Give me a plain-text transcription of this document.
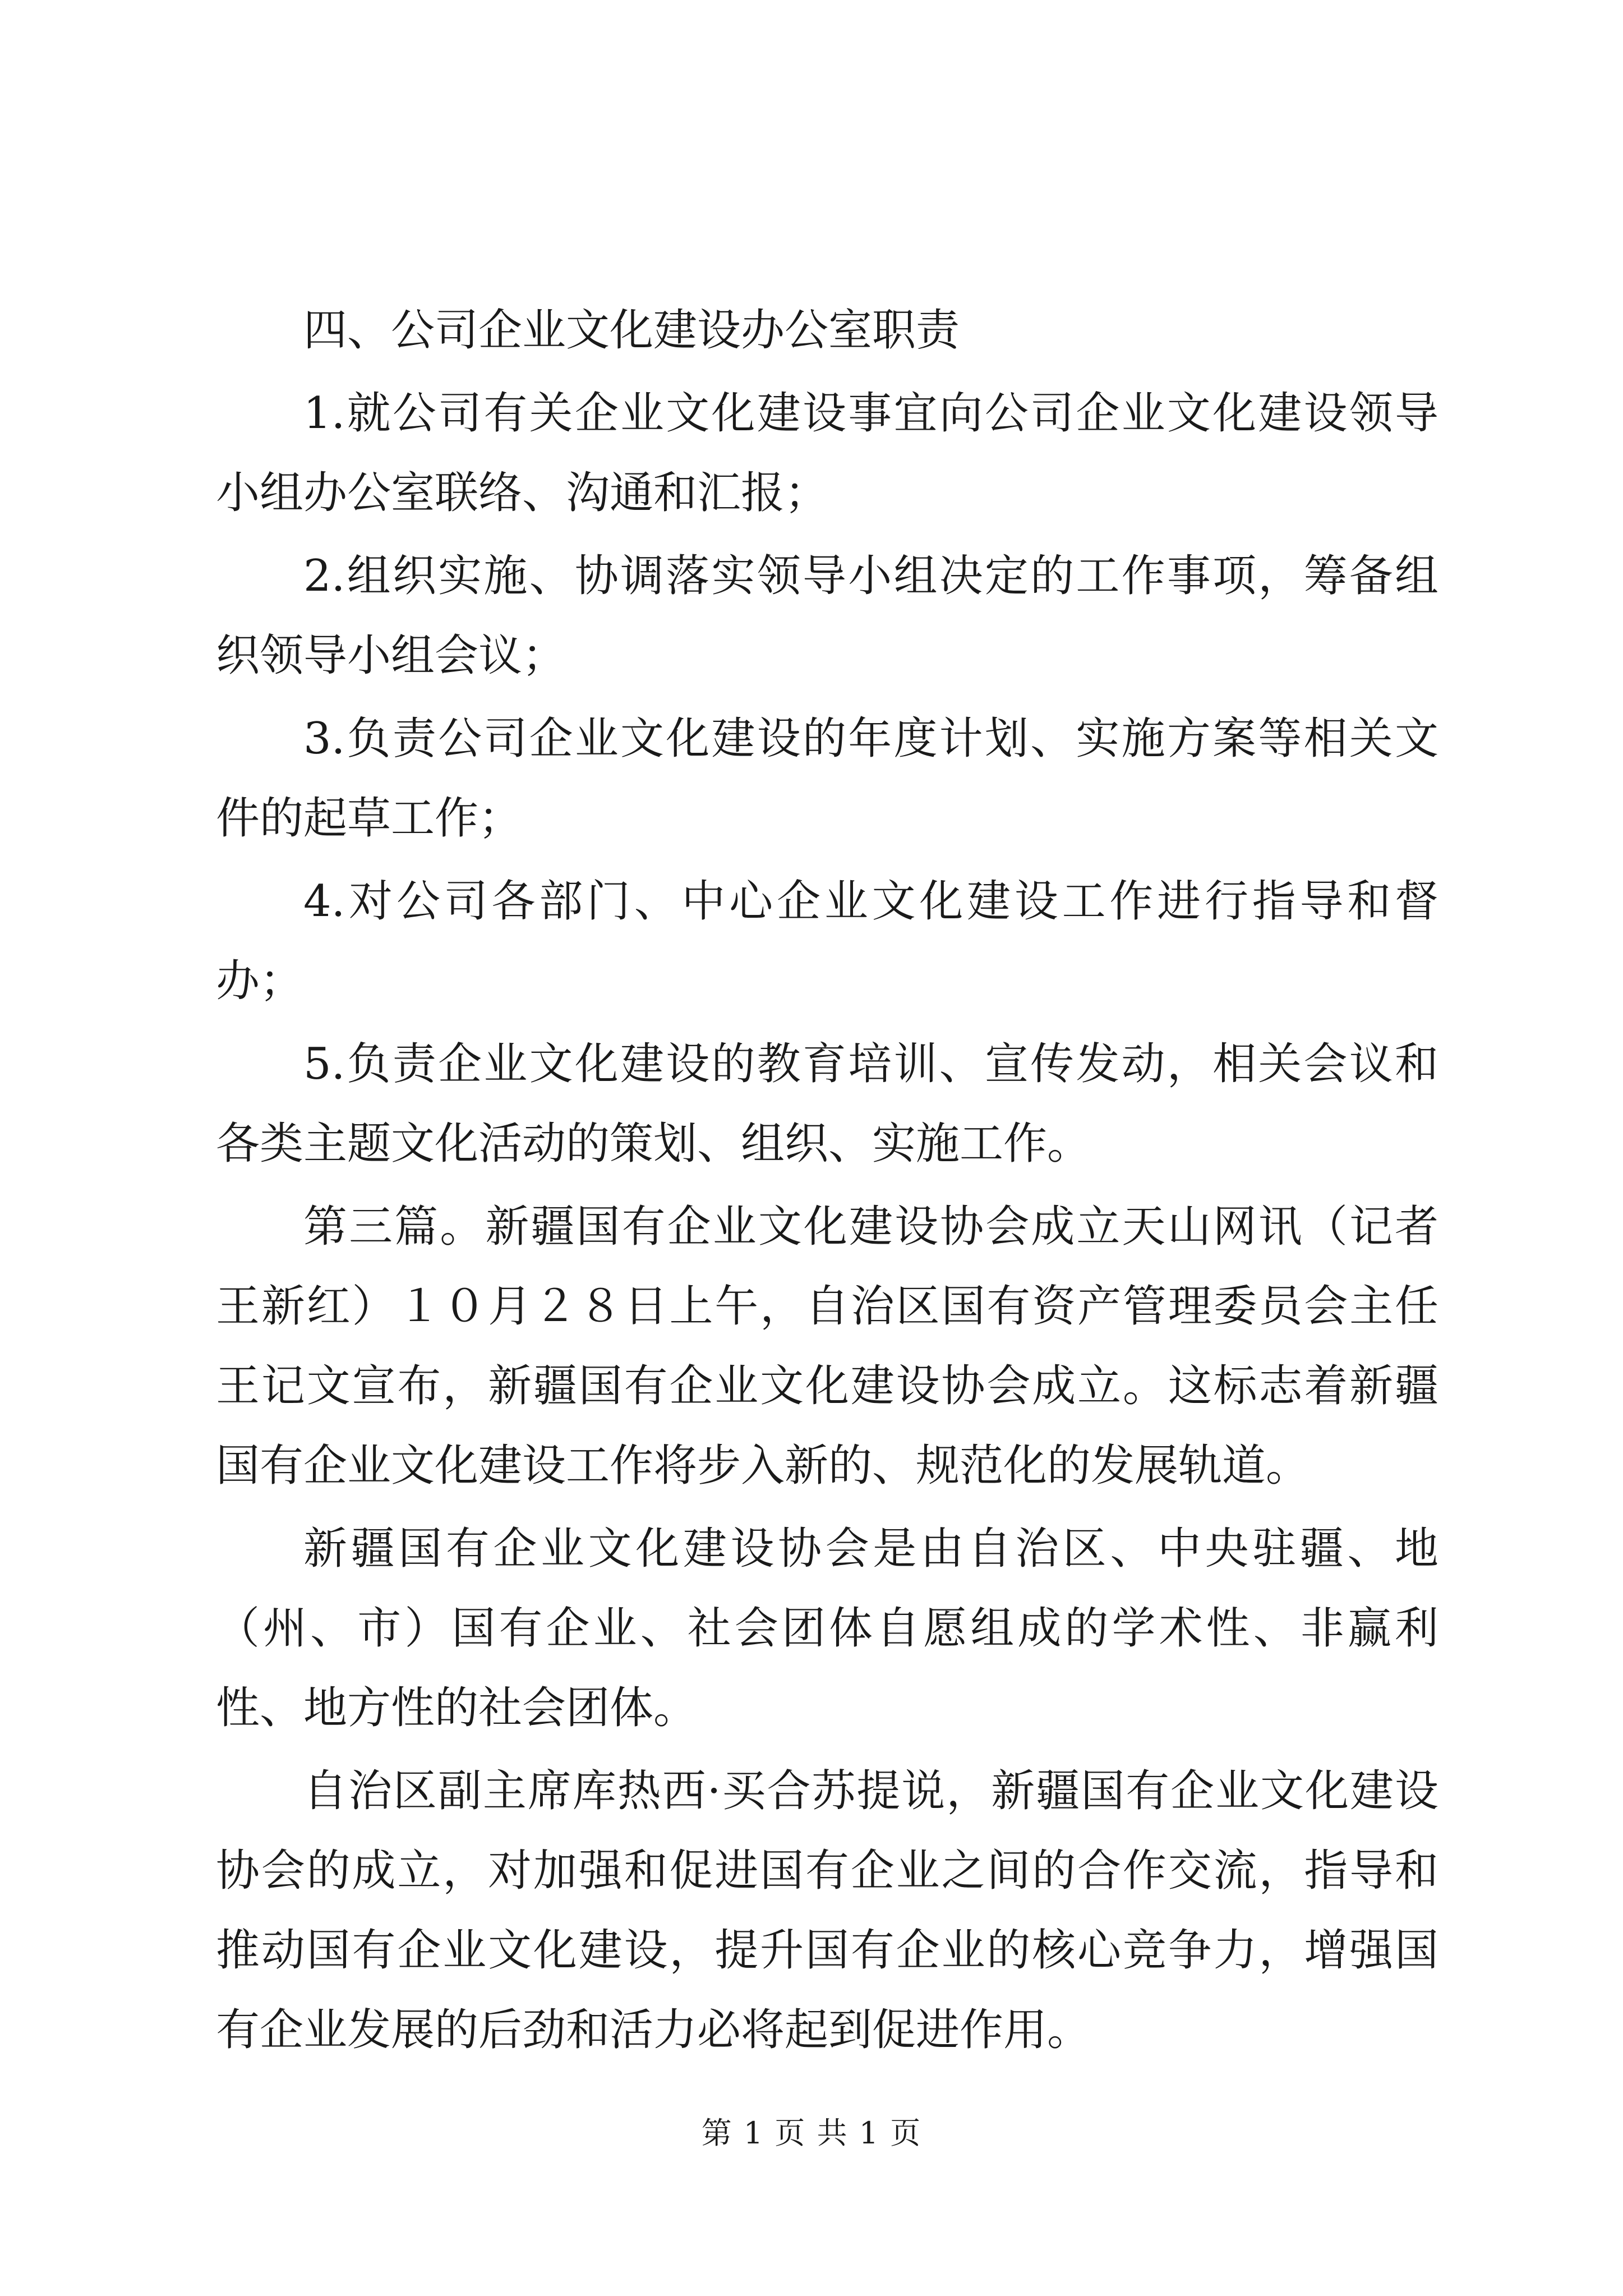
四、公司企业文化建设办公室职责

1.就公司有关企业文化建设事宜向公司企业文化建设领导小组办公室联络、沟通和汇报；

2.组织实施、协调落实领导小组决定的工作事项，筹备组织领导小组会议；

3.负责公司企业文化建设的年度计划、实施方案等相关文件的起草工作；

4.对公司各部门、中心企业文化建设工作进行指导和督办；

5.负责企业文化建设的教育培训、宣传发动，相关会议和各类主题文化活动的策划、组织、实施工作。

第三篇。新疆国有企业文化建设协会成立天山网讯（记者王新红）１０月２８日上午，自治区国有资产管理委员会主任王记文宣布，新疆国有企业文化建设协会成立。这标志着新疆国有企业文化建设工作将步入新的、规范化的发展轨道。

新疆国有企业文化建设协会是由自治区、中央驻疆、地（州、市）国有企业、社会团体自愿组成的学术性、非赢利性、地方性的社会团体。

自治区副主席库热西·买合苏提说，新疆国有企业文化建设协会的成立，对加强和促进国有企业之间的合作交流，指导和推动国有企业文化建设，提升国有企业的核心竞争力，增强国有企业发展的后劲和活力必将起到促进作用。

第 1 页 共 1 页
